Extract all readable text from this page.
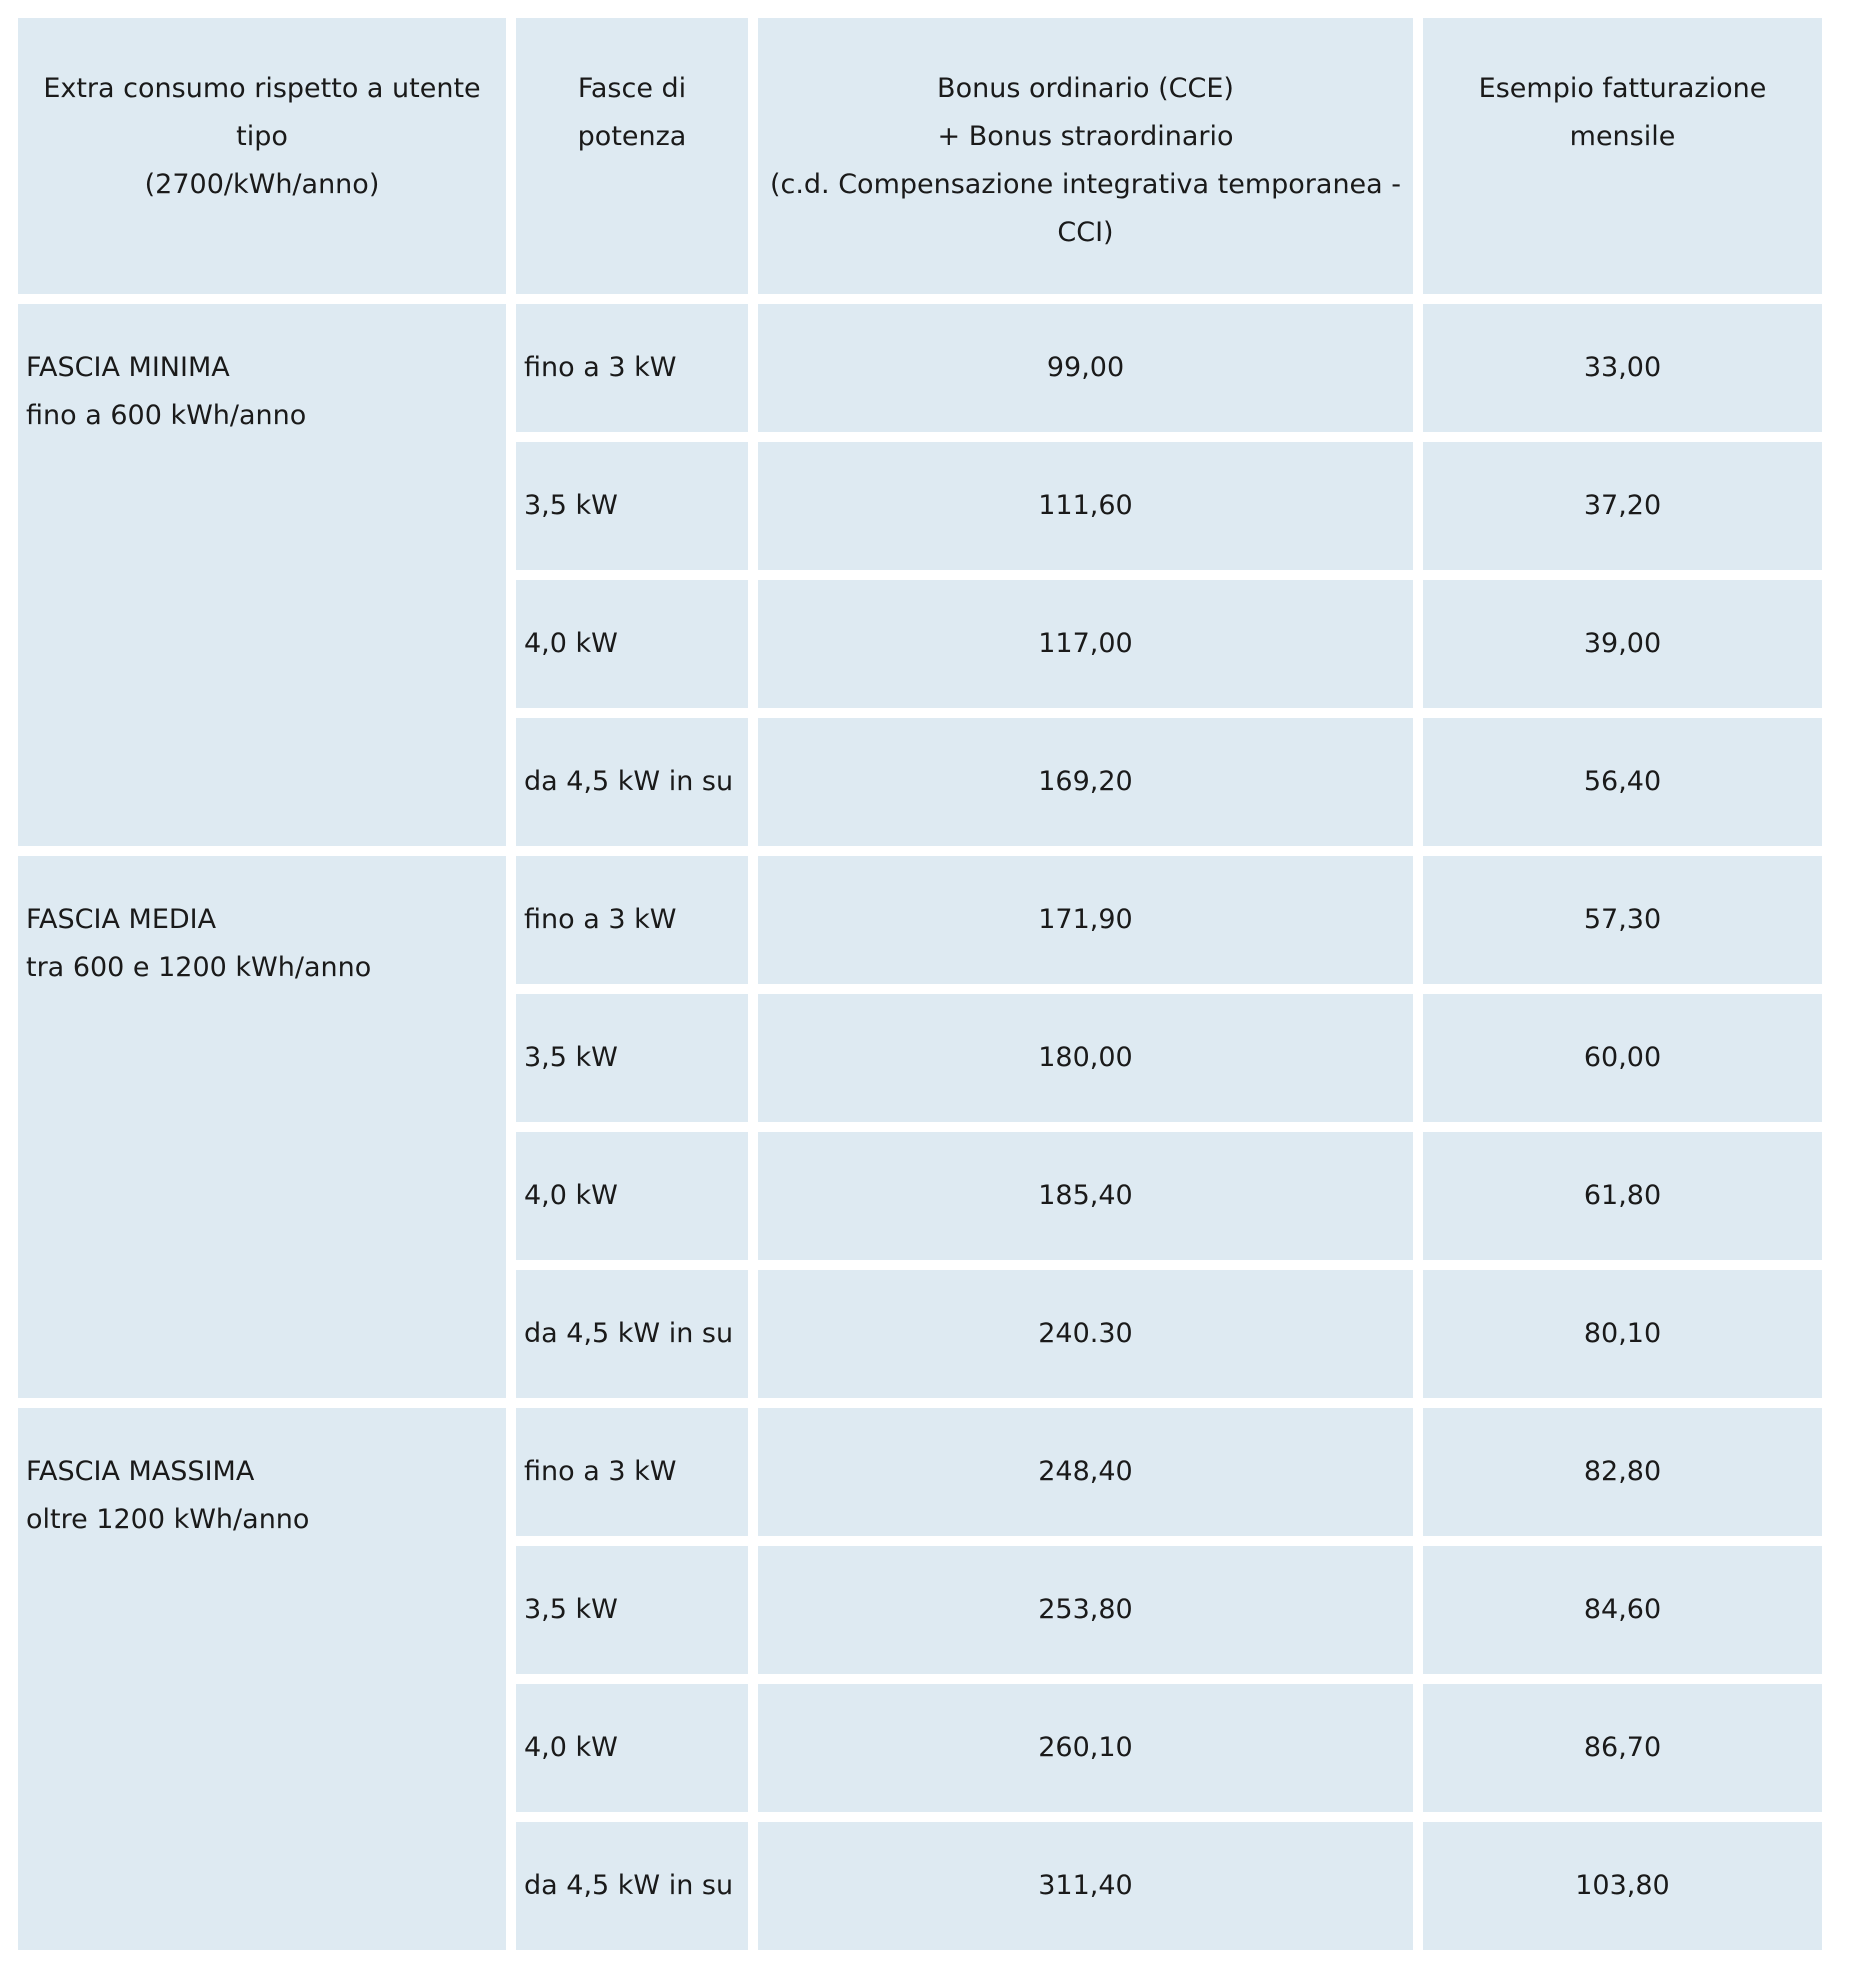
Extra consumo rispetto a utente
tipo
(2700/kWh/anno)	Fasce di
potenza	Bonus ordinario (CCE)
+ Bonus straordinario
(c.d. Compensazione integrativa temporanea -
CCI)	Esempio fatturazione
mensile

FASCIA MINIMA
fino a 600 kWh/anno	fino a 3 kW	99,00	33,00
	3,5 kW	111,60	37,20
	4,0 kW	117,00	39,00
	da 4,5 kW in su	169,20	56,40

FASCIA MEDIA
tra 600 e 1200 kWh/anno	fino a 3 kW	171,90	57,30
	3,5 kW	180,00	60,00
	4,0 kW	185,40	61,80
	da 4,5 kW in su	240.30	80,10

FASCIA MASSIMA
oltre 1200 kWh/anno	fino a 3 kW	248,40	82,80
	3,5 kW	253,80	84,60
	4,0 kW	260,10	86,70
	da 4,5 kW in su	311,40	103,80
